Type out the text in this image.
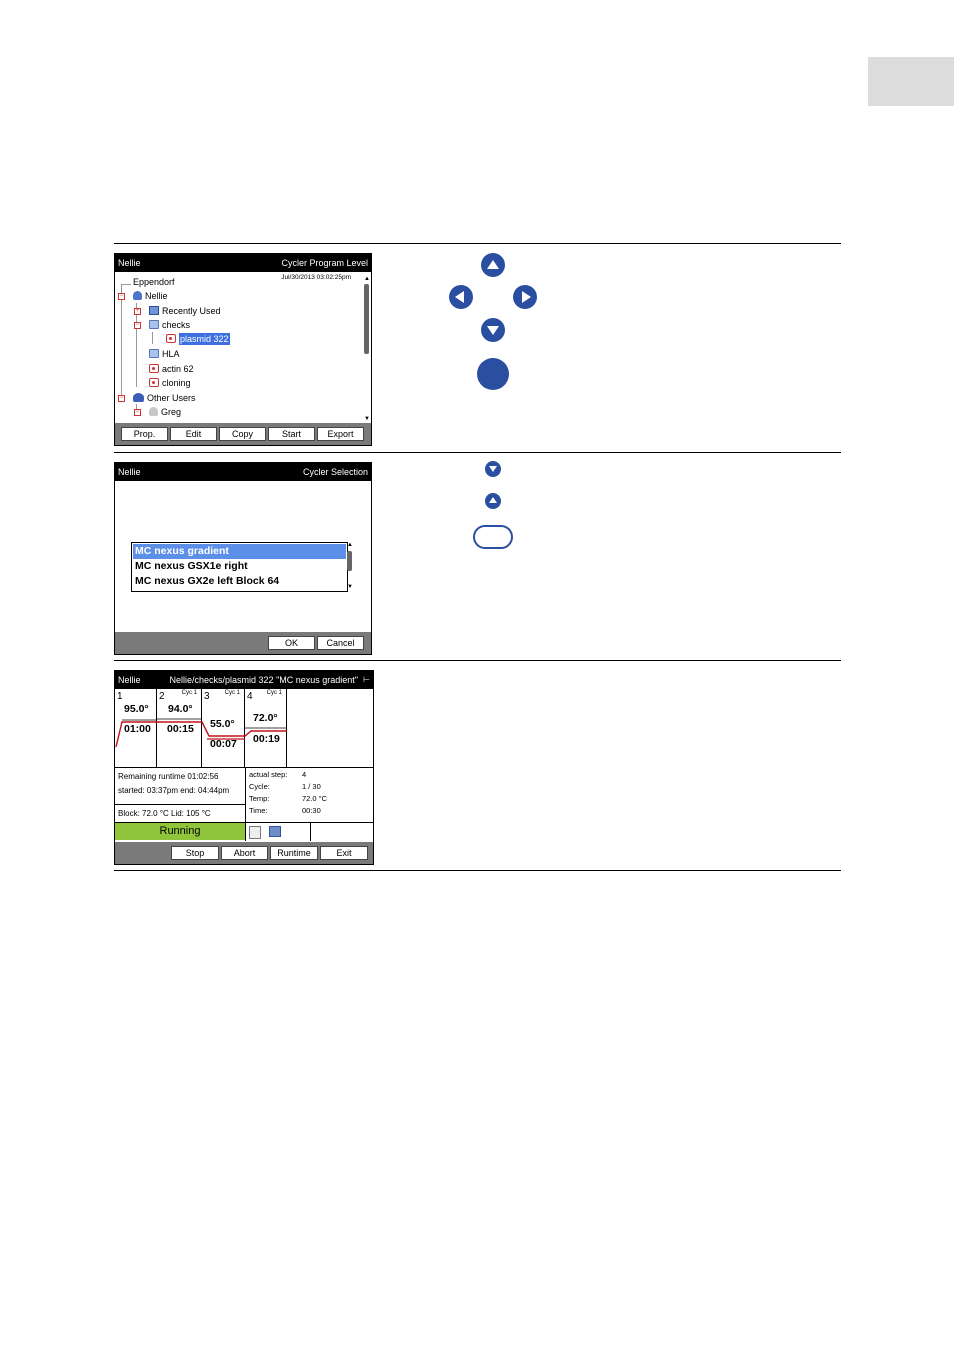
Nellie	Cycler Program Level
Jul/30/2013 03:02:25pm
Eppendorf
−	Nellie
+	Recently Used
−	checks
plasmid 322
HLA
actin 62
cloning
−	Other Users
−	Greg
▲
▼
Prop.	Edit	Copy	Start	Export
Nellie	Cycler Selection
MC nexus gradient
MC nexus GSX1e right
MC nexus GX2e left Block 64
▲
▼
OK	Cancel
Nellie	Nellie/checks/plasmid 322 "MC nexus gradient" ⊢
1
95.0°
01:00
2	Cyc 1
94.0°
00:15
3	Cyc 1
55.0°
00:07
4 Cyc 1
72.0°
00:19
Remaining runtime 01:02:56
started: 03:37pm end: 04:44pm
Block: 72.0 °C Lid: 105 °C
actual step: 4
Cycle:	1 / 30
Temp:	72.0 °C
Time:	00:30
Running
Stop	Abort	Runtime	Exit
